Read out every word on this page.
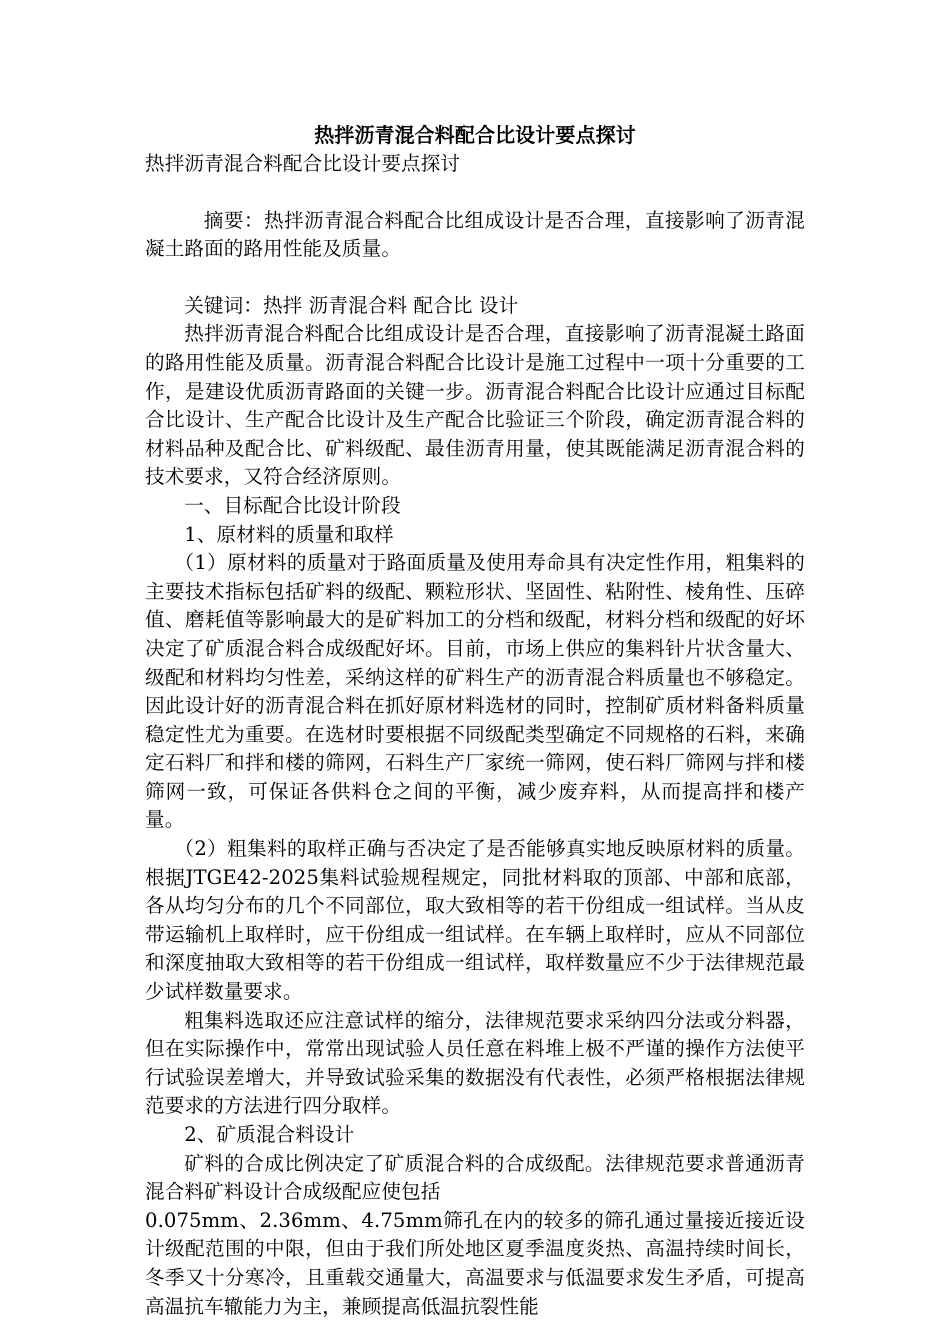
热拌沥青混合料配合比设计要点探讨

热拌沥青混合料配合比设计要点探讨

摘要：热拌沥青混合料配合比组成设计是否合理，直接影响了沥青混凝土路面的路用性能及质量。

关键词：热拌 沥青混合料 配合比 设计

热拌沥青混合料配合比组成设计是否合理，直接影响了沥青混凝土路面的路用性能及质量。沥青混合料配合比设计是施工过程中一项十分重要的工作，是建设优质沥青路面的关键一步。沥青混合料配合比设计应通过目标配合比设计、生产配合比设计及生产配合比验证三个阶段，确定沥青混合料的材料品种及配合比、矿料级配、最佳沥青用量，使其既能满足沥青混合料的技术要求，又符合经济原则。

一、目标配合比设计阶段

1、原材料的质量和取样

（1）原材料的质量对于路面质量及使用寿命具有决定性作用，粗集料的主要技术指标包括矿料的级配、颗粒形状、坚固性、粘附性、棱角性、压碎值、磨耗值等影响最大的是矿料加工的分档和级配，材料分档和级配的好坏决定了矿质混合料合成级配好坏。目前，市场上供应的集料针片状含量大、级配和材料均匀性差，采纳这样的矿料生产的沥青混合料质量也不够稳定。因此设计好的沥青混合料在抓好原材料选材的同时，控制矿质材料备料质量稳定性尤为重要。在选材时要根据不同级配类型确定不同规格的石料，来确定石料厂和拌和楼的筛网，石料生产厂家统一筛网，使石料厂筛网与拌和楼筛网一致，可保证各供料仓之间的平衡，减少废弃料，从而提高拌和楼产量。

（2）粗集料的取样正确与否决定了是否能够真实地反映原材料的质量。根据JTGE42-2025集料试验规程规定，同批材料取的顶部、中部和底部，各从均匀分布的几个不同部位，取大致相等的若干份组成一组试样。当从皮带运输机上取样时，应干份组成一组试样。在车辆上取样时，应从不同部位和深度抽取大致相等的若干份组成一组试样，取样数量应不少于法律规范最少试样数量要求。

粗集料选取还应注意试样的缩分，法律规范要求采纳四分法或分料器，但在实际操作中，常常出现试验人员任意在料堆上极不严谨的操作方法使平行试验误差增大，并导致试验采集的数据没有代表性，必须严格根据法律规范要求的方法进行四分取样。

2、矿质混合料设计

矿料的合成比例决定了矿质混合料的合成级配。法律规范要求普通沥青混合料矿料设计合成级配应使包括

0.075mm、2.36mm、4.75mm筛孔在内的较多的筛孔通过量接近接近设计级配范围的中限，但由于我们所处地区夏季温度炎热、高温持续时间长，冬季又十分寒冷，且重载交通量大，高温要求与低温要求发生矛盾，可提高高温抗车辙能力为主，兼顾提高低温抗裂性能
